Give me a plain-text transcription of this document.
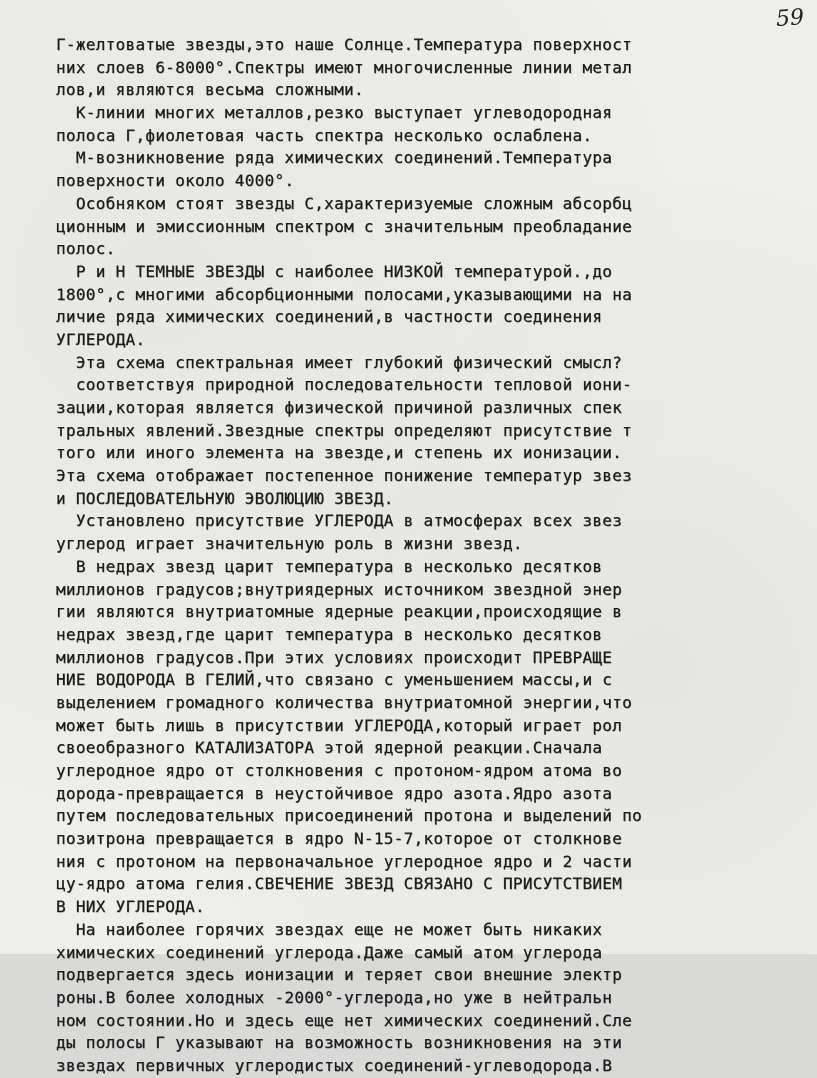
59

Г-желтоватые звезды,это наше Солнце.Температура поверхност

них слоев 6-8000°.Спектры имеют многочисленные линии метал

лов,и являются весьма сложными.

К-линии многих металлов,резко выступает углеводородная

полоса Г,фиолетовая часть спектра несколько ослаблена.

М-возникновение ряда химических соединений.Температура

поверхности около 4000°.

Особняком стоят звезды С,характеризуемые сложным абсорбц

ционным и эмиссионным спектром с значительным преобладание

полос.

Р и Н ТЕМНЫЕ ЗВЕЗДЫ с наиболее НИЗКОЙ температурой.,до

1800°,с многими абсорбционными полосами,указывающими на на

личие ряда химических соединений,в частности соединения

УГЛЕРОДА.

Эта схема спектральная имеет глубокий физический смысл?

соответствуя природной последовательности тепловой иони-

зации,которая является физической причиной различных спек

тральных явлений.Звездные спектры определяют присутствие т

того или иного элемента на звезде,и степень их ионизации.

Эта схема отображает постепенное понижение температур звез

и ПОСЛЕДОВАТЕЛЬНУЮ ЭВОЛЮЦИЮ ЗВЕЗД.

Установлено присутствие УГЛЕРОДА в атмосферах всех звез

углерод играет значительную роль в жизни звезд.

В недрах звезд царит температура в несколько десятков

миллионов градусов;внутриядерных источником звездной энер

гии являются внутриатомные ядерные реакции,происходящие в

недрах звезд,где царит температура в несколько десятков

миллионов градусов.При этих условиях происходит ПРЕВРАЩЕ

НИЕ ВОДОРОДА В ГЕЛИЙ,что связано с уменьшением массы,и с

выделением громадного количества внутриатомной энергии,что

может быть лишь в присутствии УГЛЕРОДА,который играет рол

своеобразного КАТАЛИЗАТОРА этой ядерной реакции.Сначала

углеродное ядро от столкновения с протоном-ядром атома во

дорода-превращается в неустойчивое ядро азота.Ядро азота

путем последовательных присоединений протона и выделений по

позитрона превращается в ядро N-15-7,которое от столкнове

ния с протоном на первоначальное углеродное ядро и 2 части

цу-ядро атома гелия.СВЕЧЕНИЕ ЗВЕЗД СВЯЗАНО С ПРИСУТСТВИЕМ

В НИХ УГЛЕРОДА.

На наиболее горячих звездах еще не может быть никаких

химических соединений углерода.Даже самый атом углерода

подвергается здесь ионизации и теряет свои внешние электр

роны.В более холодных -2000°-углерода,но уже в нейтральн

ном состоянии.Но и здесь еще нет химических соединений.Сле

ды полосы Г указывают на возможность возникновения на эти

звездах первичных углеродистых соединений-углеводорода.В
